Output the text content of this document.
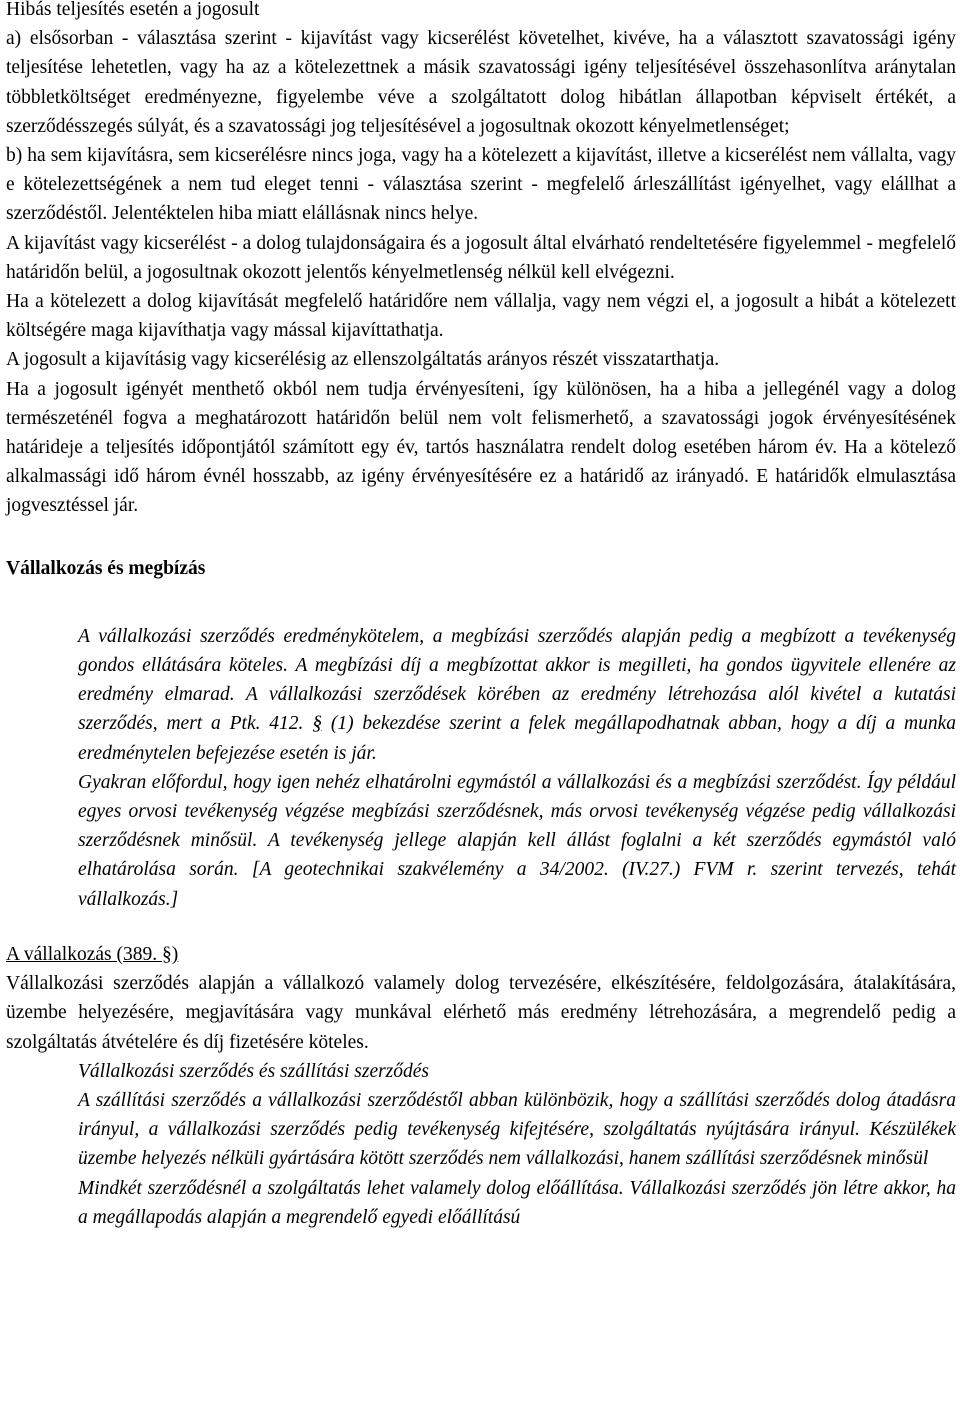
Hibás teljesítés esetén a jogosult

a) elsősorban - választása szerint - kijavítást vagy kicserélést követelhet, kivéve, ha a választott szavatossági igény teljesítése lehetetlen, vagy ha az a kötelezettnek a másik szavatossági igény teljesítésével összehasonlítva aránytalan többletköltséget eredményezne, figyelembe véve a szolgáltatott dolog hibátlan állapotban képviselt értékét, a szerződésszegés súlyát, és a szavatossági jog teljesítésével a jogosultnak okozott kényelmetlenséget;

b) ha sem kijavításra, sem kicserélésre nincs joga, vagy ha a kötelezett a kijavítást, illetve a kicserélést nem vállalta, vagy e kötelezettségének a nem tud eleget tenni - választása szerint - megfelelő árleszállítást igényelhet, vagy elállhat a szerződéstől. Jelentéktelen hiba miatt elállásnak nincs helye.

A kijavítást vagy kicserélést - a dolog tulajdonságaira és a jogosult által elvárható rendeltetésére figyelemmel - megfelelő határidőn belül, a jogosultnak okozott jelentős kényelmetlenség nélkül kell elvégezni.

Ha a kötelezett a dolog kijavítását megfelelő határidőre nem vállalja, vagy nem végzi el, a jogosult a hibát a kötelezett költségére maga kijavíthatja vagy mással kijavíttathatja.

A jogosult a kijavításig vagy kicserélésig az ellenszolgáltatás arányos részét visszatarthatja.

Ha a jogosult igényét menthető okból nem tudja érvényesíteni, így különösen, ha a hiba a jellegénél vagy a dolog természeténél fogva a meghatározott határidőn belül nem volt felismerhető, a szavatossági jogok érvényesítésének határideje a teljesítés időpontjától számított egy év, tartós használatra rendelt dolog esetében három év. Ha a kötelező alkalmassági idő három évnél hosszabb, az igény érvényesítésére ez a határidő az irányadó. E határidők elmulasztása jogvesztéssel jár.

Vállalkozás és megbízás

A vállalkozási szerződés eredménykötelem, a megbízási szerződés alapján pedig a megbízott a tevékenység gondos ellátására köteles. A megbízási díj a megbízottat akkor is megilleti, ha gondos ügyvitele ellenére az eredmény elmarad. A vállalkozási szerződések körében az eredmény létrehozása alól kivétel a kutatási szerződés, mert a Ptk. 412. § (1) bekezdése szerint a felek megállapodhatnak abban, hogy a díj a munka eredménytelen befejezése esetén is jár.

Gyakran előfordul, hogy igen nehéz elhatárolni egymástól a vállalkozási és a megbízási szerződést. Így például egyes orvosi tevékenység végzése megbízási szerződésnek, más orvosi tevékenység végzése pedig vállalkozási szerződésnek minősül. A tevékenység jellege alapján kell állást foglalni a két szerződés egymástól való elhatárolása során. [A geotechnikai szakvélemény a 34/2002. (IV.27.) FVM r. szerint tervezés, tehát vállalkozás.]

A vállalkozás (389. §)

Vállalkozási szerződés alapján a vállalkozó valamely dolog tervezésére, elkészítésére, feldolgozására, átalakítására, üzembe helyezésére, megjavítására vagy munkával elérhető más eredmény létrehozására, a megrendelő pedig a szolgáltatás átvételére és díj fizetésére köteles.

Vállalkozási szerződés és szállítási szerződés

A szállítási szerződés a vállalkozási szerződéstől abban különbözik, hogy a szállítási szerződés dolog átadásra irányul, a vállalkozási szerződés pedig tevékenység kifejtésére, szolgáltatás nyújtására irányul. Készülékek üzembe helyezés nélküli gyártására kötött szerződés nem vállalkozási, hanem szállítási szerződésnek minősül

Mindkét szerződésnél a szolgáltatás lehet valamely dolog előállítása. Vállalkozási szerződés jön létre akkor, ha a megállapodás alapján a megrendelő egyedi előállítású
